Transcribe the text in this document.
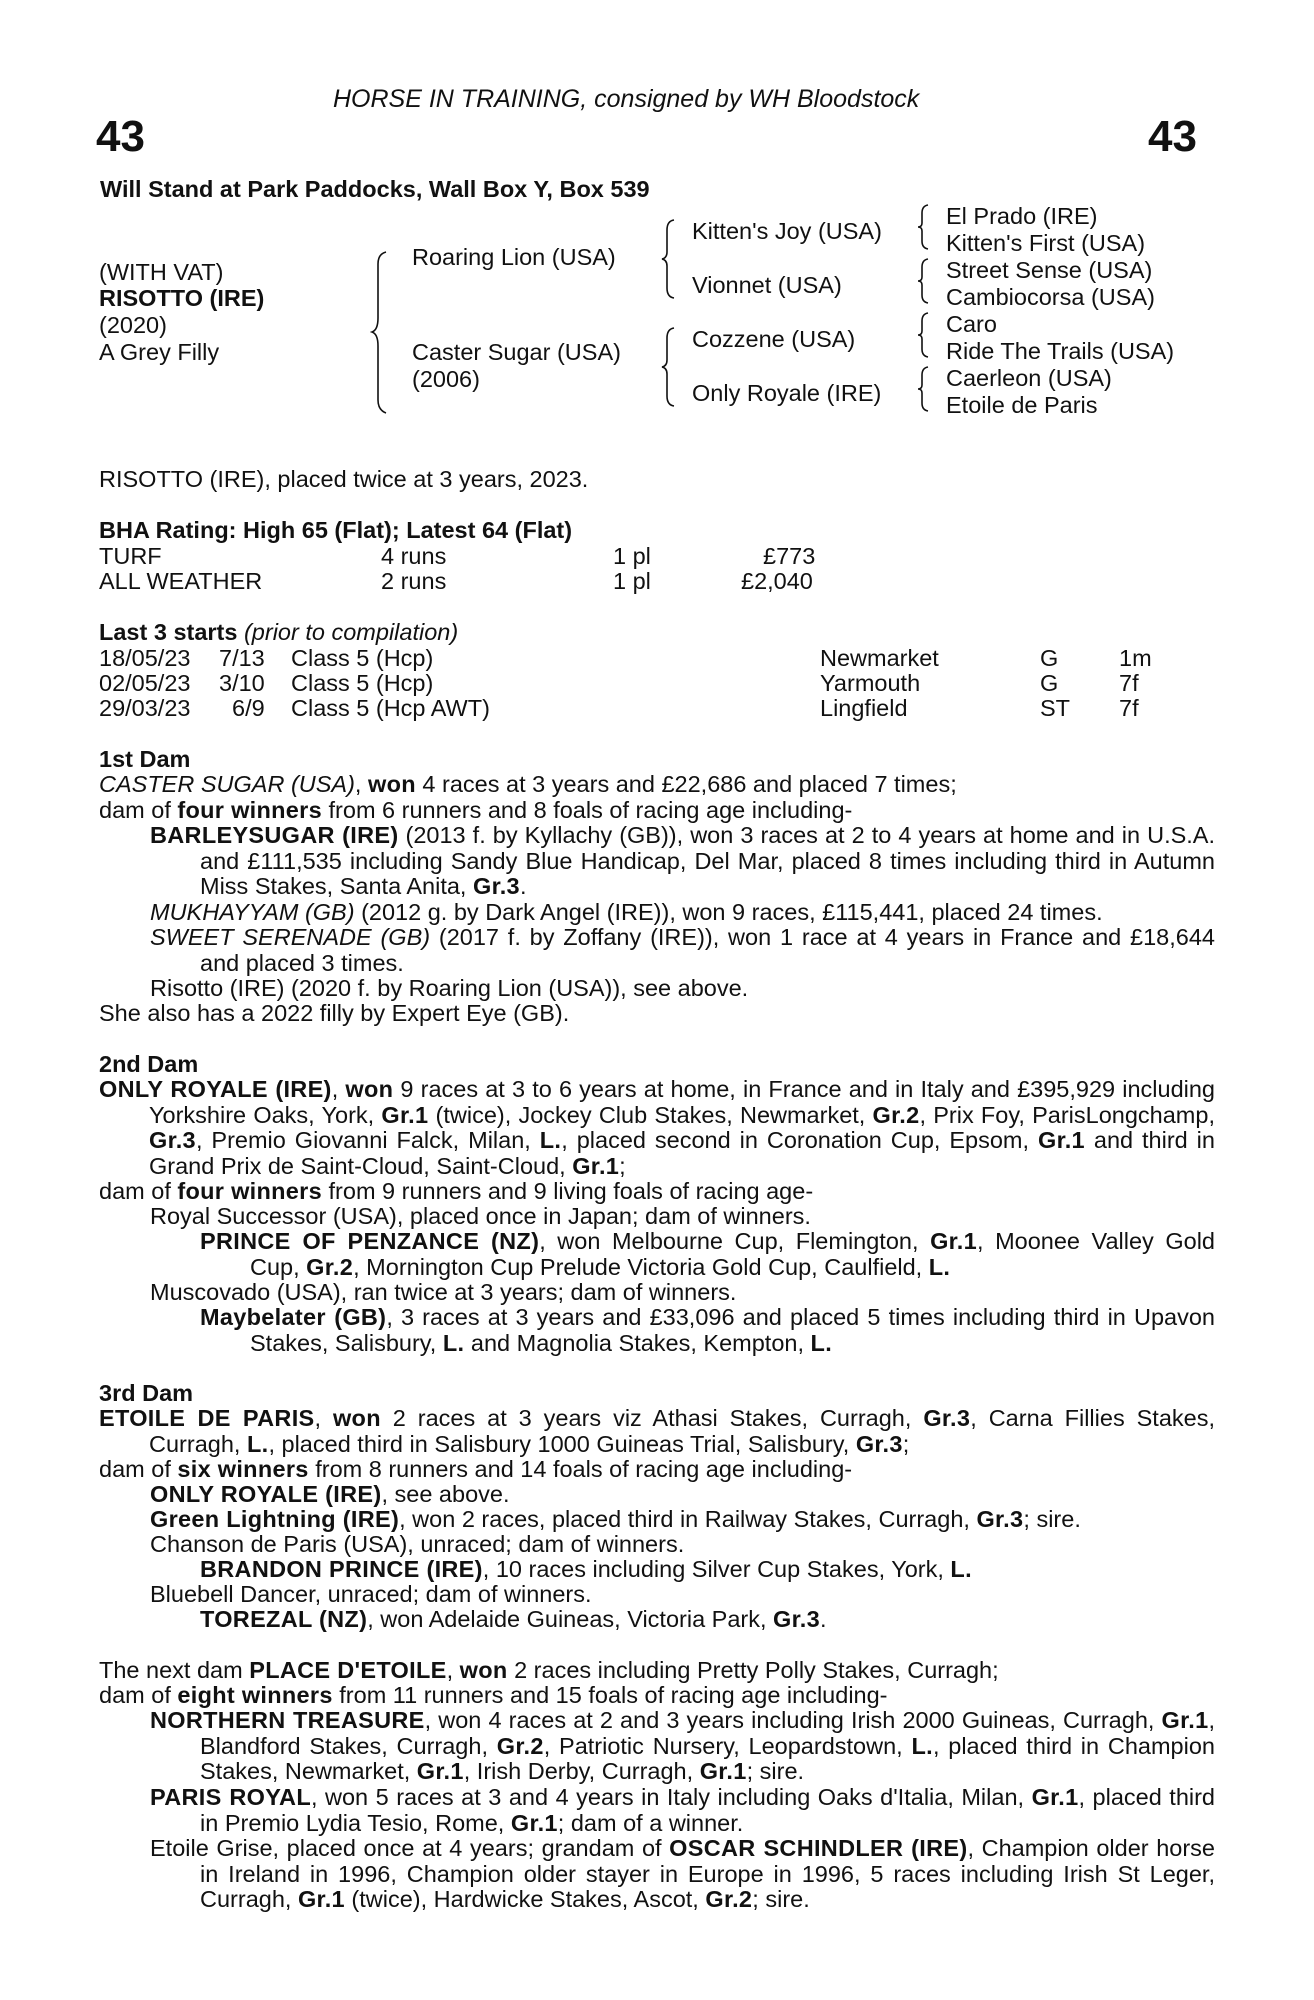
HORSE IN TRAINING, consigned by WH Bloodstock
43	43
Will Stand at Park Paddocks, Wall Box Y, Box 539
(WITH VAT)
RISOTTO (IRE)
(2020)
A Grey Filly
Roaring Lion (USA)
Caster Sugar (USA)
(2006)
Kitten's Joy (USA)
Vionnet (USA)
Cozzene (USA)
Only Royale (IRE)
El Prado (IRE)
Kitten's First (USA)
Street Sense (USA)
Cambiocorsa (USA)
Caro
Ride The Trails (USA)
Caerleon (USA)
Etoile de Paris
RISOTTO (IRE), placed twice at 3 years, 2023.
BHA Rating: High 65 (Flat); Latest 64 (Flat)
TURF	4 runs	1 pl	£773
ALL WEATHER	2 runs	1 pl	£2,040
Last 3 starts (prior to compilation)
18/05/23 7/13 Class 5 (Hcp)	Newmarket	G	1m
02/05/23 3/10 Class 5 (Hcp)	Yarmouth	G	7f
29/03/23 6/9 Class 5 (Hcp AWT)	Lingfield	ST 7f
1st Dam
CASTER SUGAR (USA), won 4 races at 3 years and £22,686 and placed 7 times;
dam of four winners from 6 runners and 8 foals of racing age including-
BARLEYSUGAR (IRE) (2013 f. by Kyllachy (GB)), won 3 races at 2 to 4 years at home and in U.S.A. and £111,535 including Sandy Blue Handicap, Del Mar, placed 8 times including third in Autumn Miss Stakes, Santa Anita, Gr.3.
MUKHAYYAM (GB) (2012 g. by Dark Angel (IRE)), won 9 races, £115,441, placed 24 times.
SWEET SERENADE (GB) (2017 f. by Zoffany (IRE)), won 1 race at 4 years in France and £18,644 and placed 3 times.
Risotto (IRE) (2020 f. by Roaring Lion (USA)), see above.
She also has a 2022 filly by Expert Eye (GB).
2nd Dam
ONLY ROYALE (IRE), won 9 races at 3 to 6 years at home, in France and in Italy and £395,929 including Yorkshire Oaks, York, Gr.1 (twice), Jockey Club Stakes, Newmarket, Gr.2, Prix Foy, ParisLongchamp, Gr.3, Premio Giovanni Falck, Milan, L., placed second in Coronation Cup, Epsom, Gr.1 and third in Grand Prix de Saint-Cloud, Saint-Cloud, Gr.1;
dam of four winners from 9 runners and 9 living foals of racing age-
Royal Successor (USA), placed once in Japan; dam of winners.
PRINCE OF PENZANCE (NZ), won Melbourne Cup, Flemington, Gr.1, Moonee Valley Gold Cup, Gr.2, Mornington Cup Prelude Victoria Gold Cup, Caulfield, L.
Muscovado (USA), ran twice at 3 years; dam of winners.
Maybelater (GB), 3 races at 3 years and £33,096 and placed 5 times including third in Upavon Stakes, Salisbury, L. and Magnolia Stakes, Kempton, L.
3rd Dam
ETOILE DE PARIS, won 2 races at 3 years viz Athasi Stakes, Curragh, Gr.3, Carna Fillies Stakes, Curragh, L., placed third in Salisbury 1000 Guineas Trial, Salisbury, Gr.3;
dam of six winners from 8 runners and 14 foals of racing age including-
ONLY ROYALE (IRE), see above.
Green Lightning (IRE), won 2 races, placed third in Railway Stakes, Curragh, Gr.3; sire.
Chanson de Paris (USA), unraced; dam of winners.
BRANDON PRINCE (IRE), 10 races including Silver Cup Stakes, York, L.
Bluebell Dancer, unraced; dam of winners.
TOREZAL (NZ), won Adelaide Guineas, Victoria Park, Gr.3.
The next dam PLACE D'ETOILE, won 2 races including Pretty Polly Stakes, Curragh;
dam of eight winners from 11 runners and 15 foals of racing age including-
NORTHERN TREASURE, won 4 races at 2 and 3 years including Irish 2000 Guineas, Curragh, Gr.1, Blandford Stakes, Curragh, Gr.2, Patriotic Nursery, Leopardstown, L., placed third in Champion Stakes, Newmarket, Gr.1, Irish Derby, Curragh, Gr.1; sire.
PARIS ROYAL, won 5 races at 3 and 4 years in Italy including Oaks d'Italia, Milan, Gr.1, placed third in Premio Lydia Tesio, Rome, Gr.1; dam of a winner.
Etoile Grise, placed once at 4 years; grandam of OSCAR SCHINDLER (IRE), Champion older horse in Ireland in 1996, Champion older stayer in Europe in 1996, 5 races including Irish St Leger, Curragh, Gr.1 (twice), Hardwicke Stakes, Ascot, Gr.2; sire.
